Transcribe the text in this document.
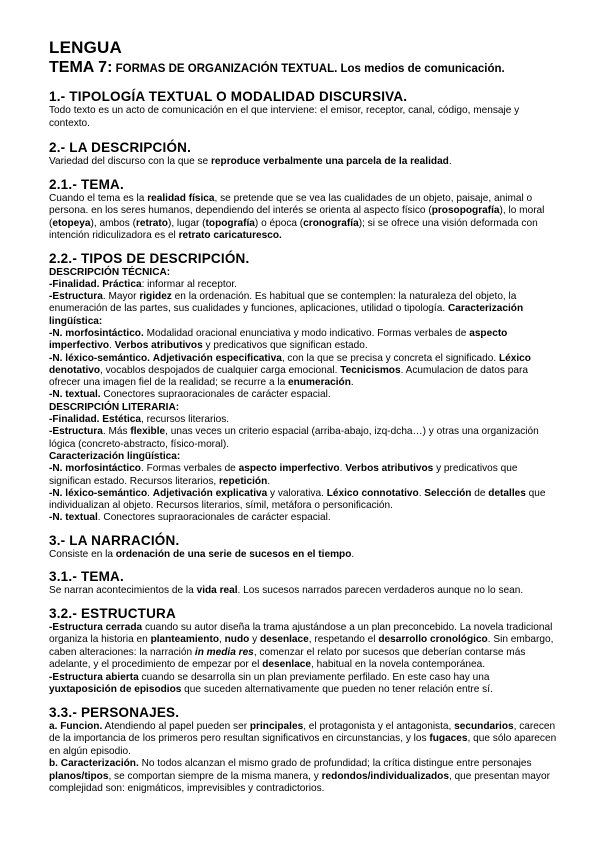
LENGUA

TEMA 7: FORMAS DE ORGANIZACIÓN TEXTUAL. Los medios de comunicación.

1.- TIPOLOGÍA TEXTUAL O MODALIDAD DISCURSIVA.

Todo texto es un acto de comunicación en el que interviene: el emisor, receptor, canal, código, mensaje y contexto.

2.- LA DESCRIPCIÓN.

Variedad del discurso con la que se reproduce verbalmente una parcela de la realidad.

2.1.- TEMA.

Cuando el tema es la realidad física, se pretende que se vea las cualidades de un objeto, paisaje, animal o persona. en los seres humanos, dependiendo del interés se orienta al aspecto físico (prosopografía), lo moral (etopeya), ambos (retrato), lugar (topografía) o época (cronografía); si se ofrece una visión deformada con intención ridiculizadora es el retrato caricaturesco.

2.2.- TIPOS DE DESCRIPCIÓN.

DESCRIPCIÓN TÉCNICA:

-Finalidad. Práctica: informar al receptor.

-Estructura. Mayor rigidez en la ordenación. Es habitual que se contemplen: la naturaleza del objeto, la enumeración de las partes, sus cualidades y funciones, aplicaciones, utilidad o tipología. Caracterización lingüística:

-N. morfosintáctico. Modalidad oracional enunciativa y modo indicativo. Formas verbales de aspecto imperfectivo. Verbos atributivos y predicativos que significan estado.

-N. léxico-semántico. Adjetivación especificativa, con la que se precisa y concreta el significado. Léxico denotativo, vocablos despojados de cualquier carga emocional. Tecnicismos. Acumulacion de datos para ofrecer una imagen fiel de la realidad; se recurre a la enumeración.

-N. textual. Conectores supraoracionales de carácter espacial.

DESCRIPCIÓN LITERARIA:

-Finalidad. Estética, recursos literarios.

-Estructura. Más flexible, unas veces un criterio espacial (arriba-abajo, izq-dcha…) y otras una organización lógica (concreto-abstracto, físico-moral).

Caracterización lingüística:

-N. morfosintáctico. Formas verbales de aspecto imperfectivo. Verbos atributivos y predicativos que significan estado. Recursos literarios, repetición.

-N. léxico-semántico. Adjetivación explicativa y valorativa. Léxico connotativo. Selección de detalles que individualizan al objeto. Recursos literarios, símil, metáfora o personificación.

-N. textual. Conectores supraoracionales de carácter espacial.

3.- LA NARRACIÓN.

Consiste en la ordenación de una serie de sucesos en el tiempo.

3.1.- TEMA.

Se narran acontecimientos de la vida real. Los sucesos narrados parecen verdaderos aunque no lo sean.

3.2.- ESTRUCTURA

-Estructura cerrada cuando su autor diseña la trama ajustándose a un plan preconcebido. La novela tradicional organiza la historia en planteamiento, nudo y desenlace, respetando el desarrollo cronológico. Sin embargo, caben alteraciones: la narración in media res, comenzar el relato por sucesos que deberían contarse más adelante, y el procedimiento de empezar por el desenlace, habitual en la novela contemporánea.

-Estructura abierta cuando se desarrolla sin un plan previamente perfilado. En este caso hay una yuxtaposición de episodios que suceden alternativamente que pueden no tener relación entre sí.

3.3.- PERSONAJES.

a. Funcion. Atendiendo al papel pueden ser principales, el protagonista y el antagonista, secundarios, carecen de la importancia de los primeros pero resultan significativos en circunstancias, y los fugaces, que sólo aparecen en algún episodio.

b. Caracterización. No todos alcanzan el mismo grado de profundidad; la crítica distingue entre personajes planos/tipos, se comportan siempre de la misma manera, y redondos/individualizados, que presentan mayor complejidad son: enigmáticos, imprevisibles y contradictorios.
